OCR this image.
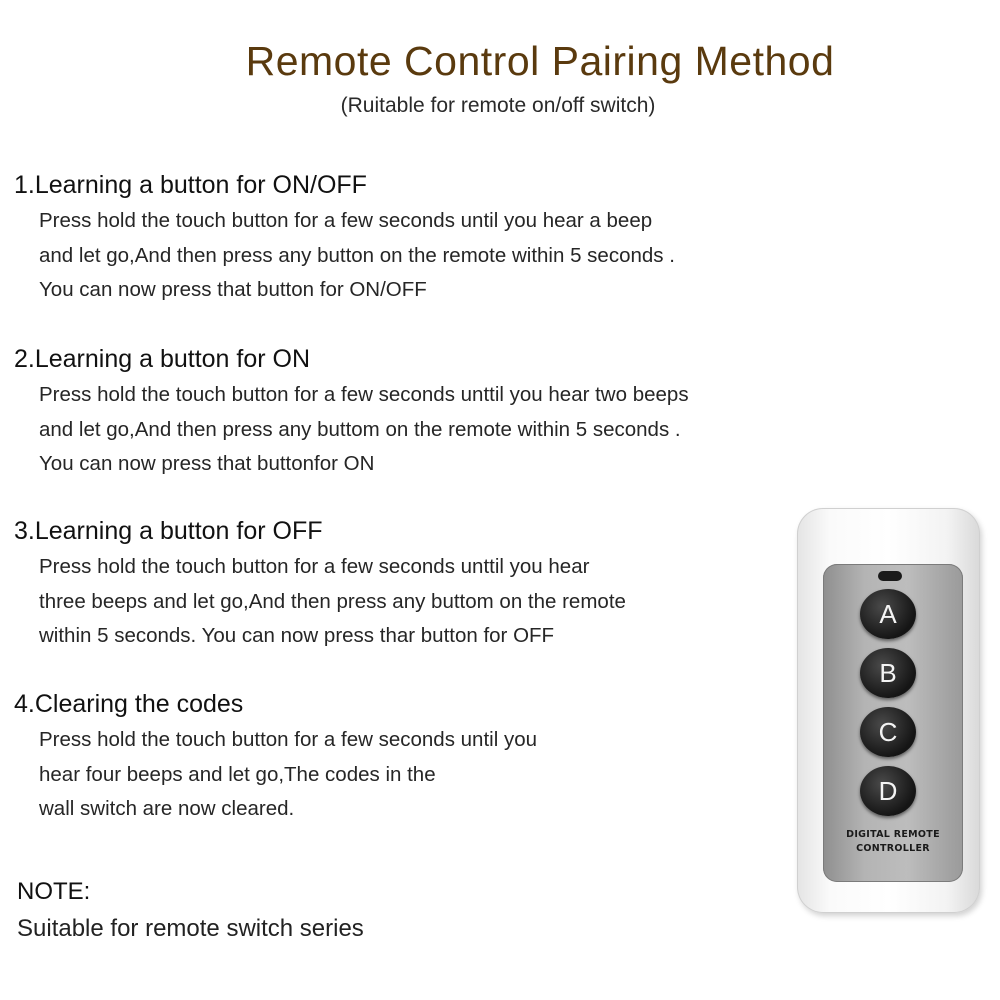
Remote Control Pairing Method
(Ruitable for remote on/off switch)
1.Learning a button for ON/OFF

Press hold the touch button for a few seconds until you hear a beep
and let go,And then press any button on the remote within 5 seconds .
You can now press that button for ON/OFF

2.Learning a button for ON

Press hold the touch button for a few seconds unttil you hear two beeps
and let go,And then press any buttom on the remote within 5 seconds .
You can now press that buttonfor ON

3.Learning a button for OFF

Press hold the touch button for a few seconds unttil you hear
three beeps and let go,And then press any buttom on the remote
within 5 seconds. You can now press thar button for OFF

4.Clearing the codes

Press hold the touch button for a few seconds until you
hear four beeps and let go,The codes in the
wall switch are now cleared.

NOTE:
Suitable for remote switch series
A
B
C
D
DIGITAL REMOTE
CONTROLLER
